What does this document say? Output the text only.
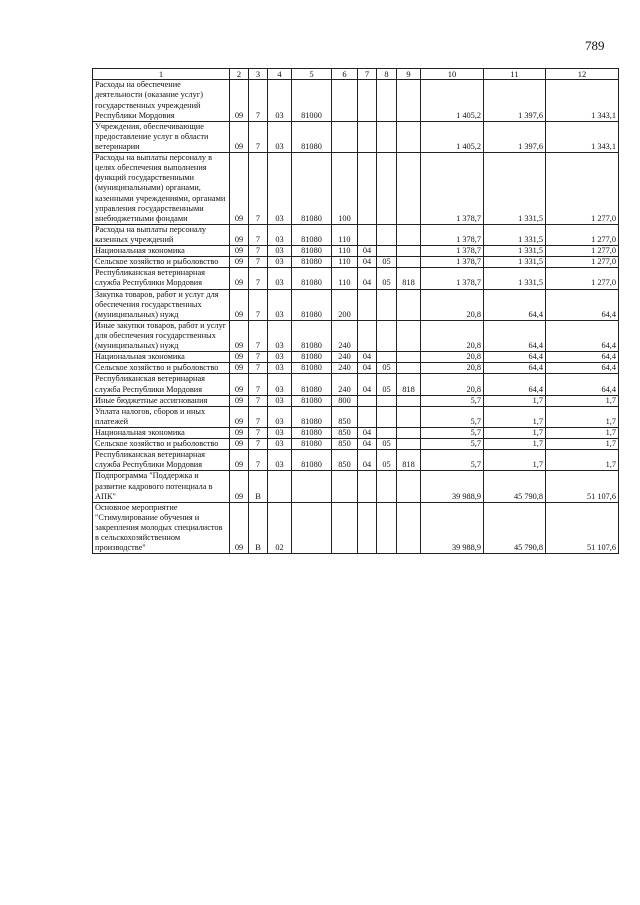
789
1	2	3	4	5	6	7	8	9	10	11	12
Расходы на обеспечение деятельности (оказание услуг) государственных учреждений Республики Мордовия	09	7	03	81000					1 405,2	1 397,6	1 343,1
Учреждения, обеспечивающие предоставление услуг в области ветеринарии	09	7	03	81080					1 405,2	1 397,6	1 343,1
Расходы на выплаты персоналу в целях обеспечения выполнения функций государственными (муниципальными) органами, казенными учреждениями, органами управления государственными внебюджетными фондами	09	7	03	81080	100				1 378,7	1 331,5	1 277,0
Расходы на выплаты персоналу казенных учреждений	09	7	03	81080	110				1 378,7	1 331,5	1 277,0
Национальная экономика	09	7	03	81080	110	04			1 378,7	1 331,5	1 277,0
Сельское хозяйство и рыболовство	09	7	03	81080	110	04	05		1 378,7	1 331,5	1 277,0
Республиканская ветеринарная служба Республики Мордовия	09	7	03	81080	110	04	05	818	1 378,7	1 331,5	1 277,0
Закупка товаров, работ и услуг для обеспечения государственных (муниципальных) нужд	09	7	03	81080	200				20,8	64,4	64,4
Иные закупки товаров, работ и услуг для обеспечения государственных (муниципальных) нужд	09	7	03	81080	240				20,8	64,4	64,4
Национальная экономика	09	7	03	81080	240	04			20,8	64,4	64,4
Сельское хозяйство и рыболовство	09	7	03	81080	240	04	05		20,8	64,4	64,4
Республиканская ветеринарная служба Республики Мордовия	09	7	03	81080	240	04	05	818	20,8	64,4	64,4
Иные бюджетные ассигнования	09	7	03	81080	800				5,7	1,7	1,7
Уплата налогов, сборов и иных платежей	09	7	03	81080	850				5,7	1,7	1,7
Национальная экономика	09	7	03	81080	850	04			5,7	1,7	1,7
Сельское хозяйство и рыболовство	09	7	03	81080	850	04	05		5,7	1,7	1,7
Республиканская ветеринарная служба Республики Мордовия	09	7	03	81080	850	04	05	818	5,7	1,7	1,7
Подпрограмма "Поддержка и развитие кадрового потенциала в АПК"	09	В							39 988,9	45 790,8	51 107,6
Основное мероприятие "Стимулирование обучения и закрепления молодых специалистов в сельскохозяйственном производстве"	09	В	02						39 988,9	45 790,8	51 107,6
